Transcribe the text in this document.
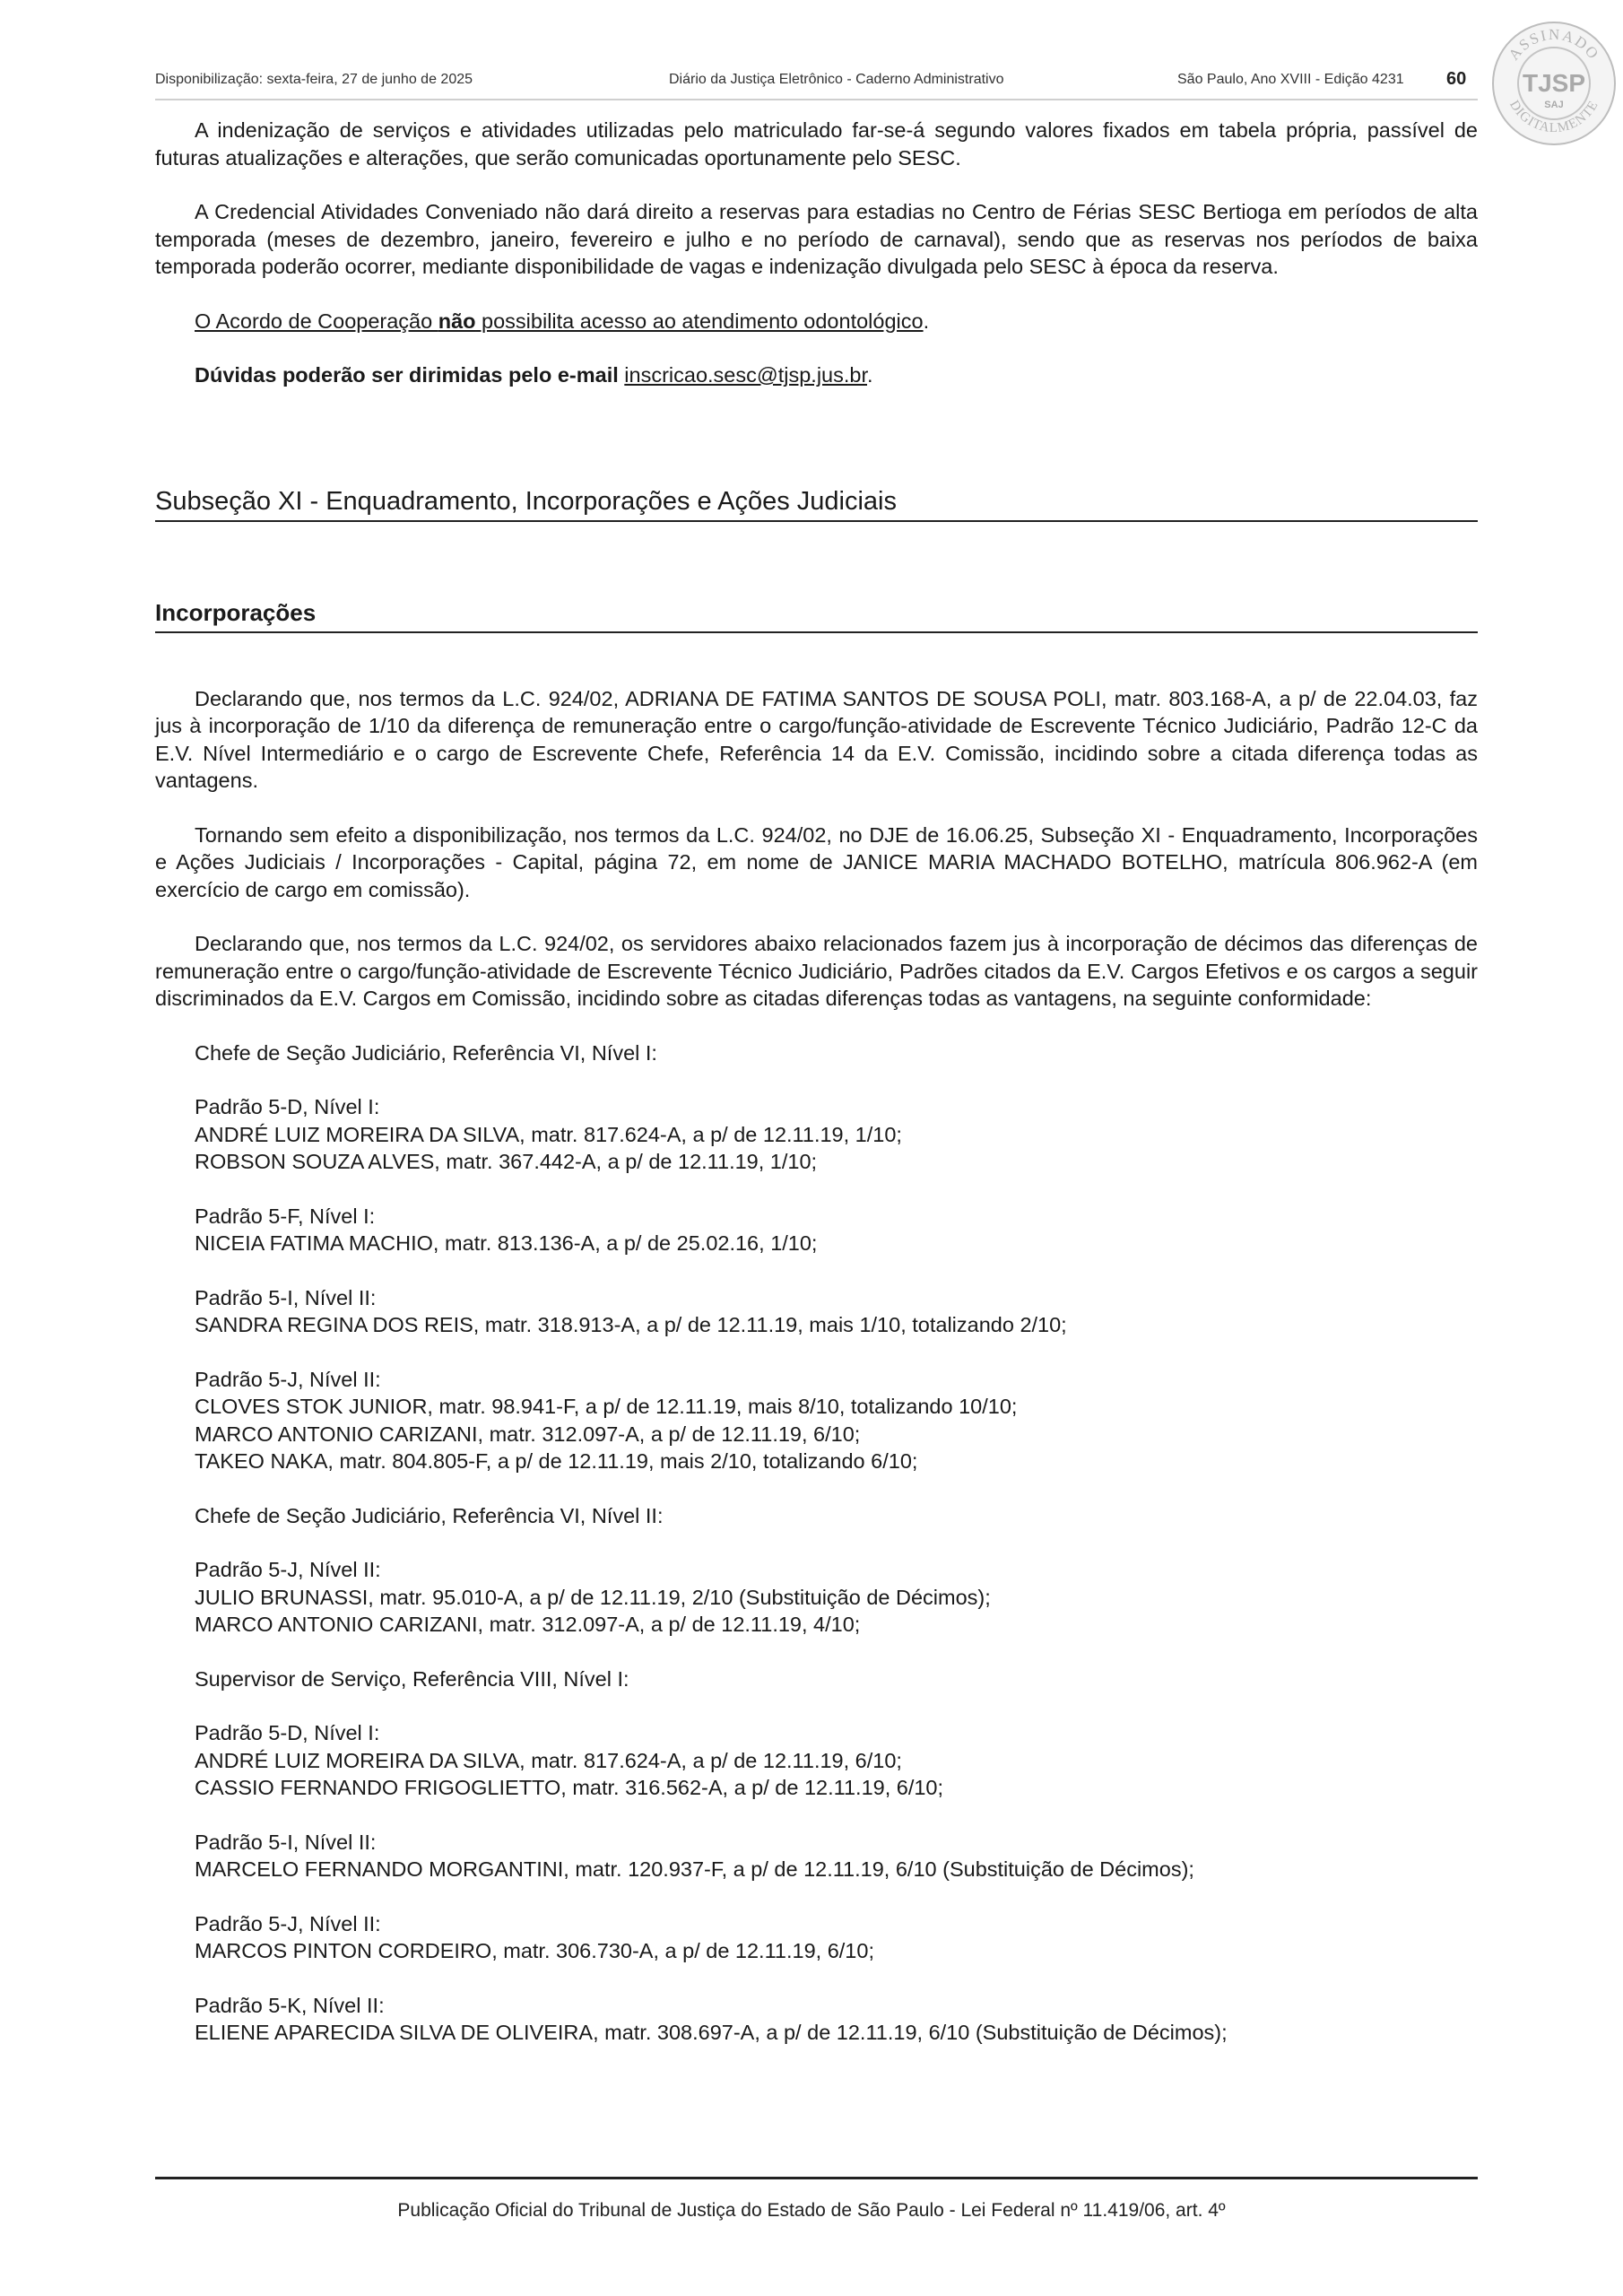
Disponibilização: sexta-feira, 27 de junho de 2025	Diário da Justiça Eletrônico - Caderno Administrativo	São Paulo, Ano XVIII - Edição 4231 60
ASSINADO
DIGITALMENTE
TJSP
SAJ

A indenização de serviços e atividades utilizadas pelo matriculado far-se-á segundo valores fixados em tabela própria, passível de futuras atualizações e alterações, que serão comunicadas oportunamente pelo SESC.

A Credencial Atividades Conveniado não dará direito a reservas para estadias no Centro de Férias SESC Bertioga em períodos de alta temporada (meses de dezembro, janeiro, fevereiro e julho e no período de carnaval), sendo que as reservas nos períodos de baixa temporada poderão ocorrer, mediante disponibilidade de vagas e indenização divulgada pelo SESC à época da reserva.

O Acordo de Cooperação não possibilita acesso ao atendimento odontológico.

Dúvidas poderão ser dirimidas pelo e-mail inscricao.sesc@tjsp.jus.br.

Subseção XI - Enquadramento, Incorporações e Ações Judiciais

Incorporações

Declarando que, nos termos da L.C. 924/02, ADRIANA DE FATIMA SANTOS DE SOUSA POLI, matr. 803.168-A, a p/ de 22.04.03, faz jus à incorporação de 1/10 da diferença de remuneração entre o cargo/função-atividade de Escrevente Técnico Judiciário, Padrão 12-C da E.V. Nível Intermediário e o cargo de Escrevente Chefe, Referência 14 da E.V. Comissão, incidindo sobre a citada diferença todas as vantagens.

Tornando sem efeito a disponibilização, nos termos da L.C. 924/02, no DJE de 16.06.25, Subseção XI - Enquadramento, Incorporações e Ações Judiciais / Incorporações - Capital, página 72, em nome de JANICE MARIA MACHADO BOTELHO, matrícula 806.962-A (em exercício de cargo em comissão).

Declarando que, nos termos da L.C. 924/02, os servidores abaixo relacionados fazem jus à incorporação de décimos das diferenças de remuneração entre o cargo/função-atividade de Escrevente Técnico Judiciário, Padrões citados da E.V. Cargos Efetivos e os cargos a seguir discriminados da E.V. Cargos em Comissão, incidindo sobre as citadas diferenças todas as vantagens, na seguinte conformidade:

Chefe de Seção Judiciário, Referência VI, Nível I:

Padrão 5-D, Nível I:

ANDRÉ LUIZ MOREIRA DA SILVA, matr. 817.624-A, a p/ de 12.11.19, 1/10;

ROBSON SOUZA ALVES, matr. 367.442-A, a p/ de 12.11.19, 1/10;

Padrão 5-F, Nível I:

NICEIA FATIMA MACHIO, matr. 813.136-A, a p/ de 25.02.16, 1/10;

Padrão 5-I, Nível II:

SANDRA REGINA DOS REIS, matr. 318.913-A, a p/ de 12.11.19, mais 1/10, totalizando 2/10;

Padrão 5-J, Nível II:

CLOVES STOK JUNIOR, matr. 98.941-F, a p/ de 12.11.19, mais 8/10, totalizando 10/10;

MARCO ANTONIO CARIZANI, matr. 312.097-A, a p/ de 12.11.19, 6/10;

TAKEO NAKA, matr. 804.805-F, a p/ de 12.11.19, mais 2/10, totalizando 6/10;

Chefe de Seção Judiciário, Referência VI, Nível II:

Padrão 5-J, Nível II:

JULIO BRUNASSI, matr. 95.010-A, a p/ de 12.11.19, 2/10 (Substituição de Décimos);

MARCO ANTONIO CARIZANI, matr. 312.097-A, a p/ de 12.11.19, 4/10;

Supervisor de Serviço, Referência VIII, Nível I:

Padrão 5-D, Nível I:

ANDRÉ LUIZ MOREIRA DA SILVA, matr. 817.624-A, a p/ de 12.11.19, 6/10;

CASSIO FERNANDO FRIGOGLIETTO, matr. 316.562-A, a p/ de 12.11.19, 6/10;

Padrão 5-I, Nível II:

MARCELO FERNANDO MORGANTINI, matr. 120.937-F, a p/ de 12.11.19, 6/10 (Substituição de Décimos);

Padrão 5-J, Nível II:

MARCOS PINTON CORDEIRO, matr. 306.730-A, a p/ de 12.11.19, 6/10;

Padrão 5-K, Nível II:

ELIENE APARECIDA SILVA DE OLIVEIRA, matr. 308.697-A, a p/ de 12.11.19, 6/10 (Substituição de Décimos);

Publicação Oficial do Tribunal de Justiça do Estado de São Paulo - Lei Federal nº 11.419/06, art. 4º
